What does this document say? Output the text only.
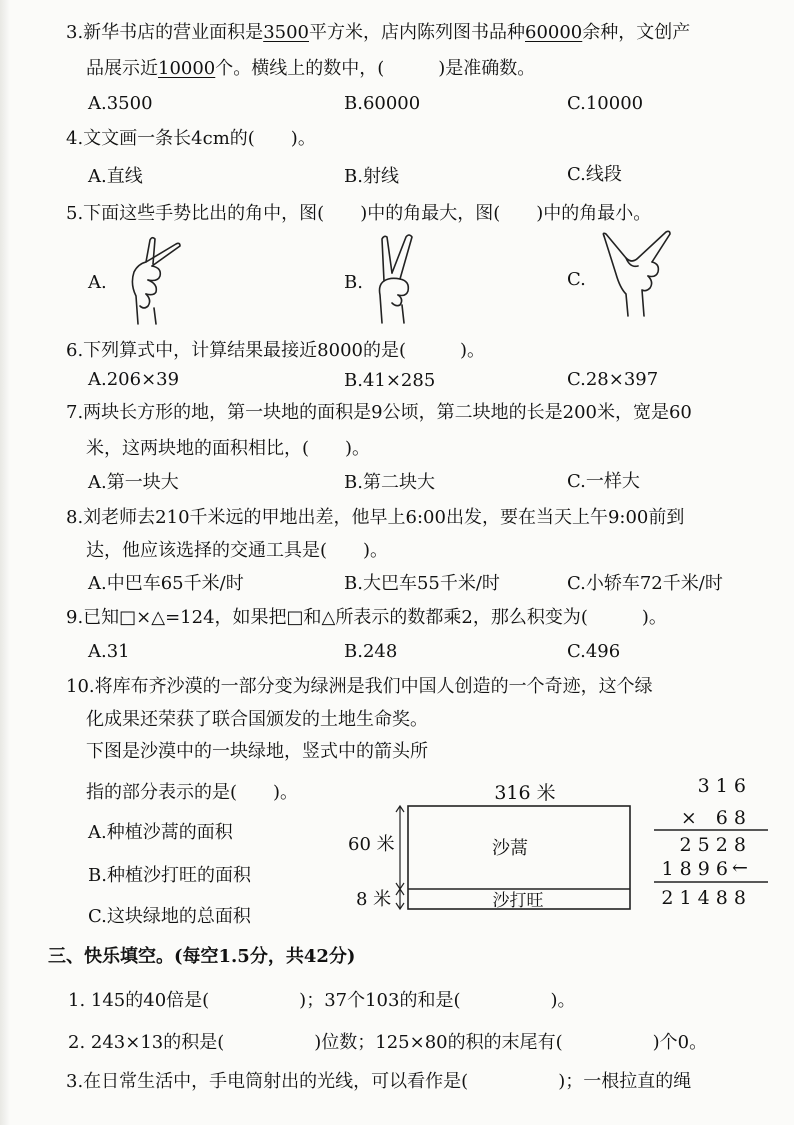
3.新华书店的营业面积是3500平方米，店内陈列图书品种60000余种，文创产
品展示近10000个。横线上的数中，(　　　)是准确数。
A.3500	B.60000	C.10000
4.文文画一条长4cm的(　　)。
A.直线	B.射线	C.线段
5.下面这些手势比出的角中，图(　　)中的角最大，图(　　)中的角最小。
A.	B.	C.
6.下列算式中，计算结果最接近8000的是(　　　)。
A.206×39	B.41×285	C.28×397
7.两块长方形的地，第一块地的面积是9公顷，第二块地的长是200米，宽是60
米，这两块地的面积相比，(　　)。
A.第一块大	B.第二块大	C.一样大
8.刘老师去210千米远的甲地出差，他早上6:00出发，要在当天上午9:00前到
达，他应该选择的交通工具是(　　)。
A.中巴车65千米/时	B.大巴车55千米/时	C.小轿车72千米/时
9.已知□×△=124，如果把□和△所表示的数都乘2，那么积变为(　　　)。
A.31	B.248	C.496
10.将库布齐沙漠的一部分变为绿洲是我们中国人创造的一个奇迹，这个绿
化成果还荣获了联合国颁发的土地生命奖。
下图是沙漠中的一块绿地，竖式中的箭头所
指的部分表示的是(　　)。
A.种植沙蒿的面积
B.种植沙打旺的面积
C.这块绿地的总面积
316 米
60 米
8 米
沙蒿
沙打旺
3 1 6
×　6 8
2 5 2 8
1 8 9 6 ←
2 1 4 8 8
三、快乐填空。(每空1.5分，共42分)
1. 145的40倍是(　　　　　)；37个103的和是(　　　　　)。
2. 243×13的积是(　　　　　)位数；125×80的积的末尾有(　　　　　)个0。
3.在日常生活中，手电筒射出的光线，可以看作是(　　　　　)；一根拉直的绳
